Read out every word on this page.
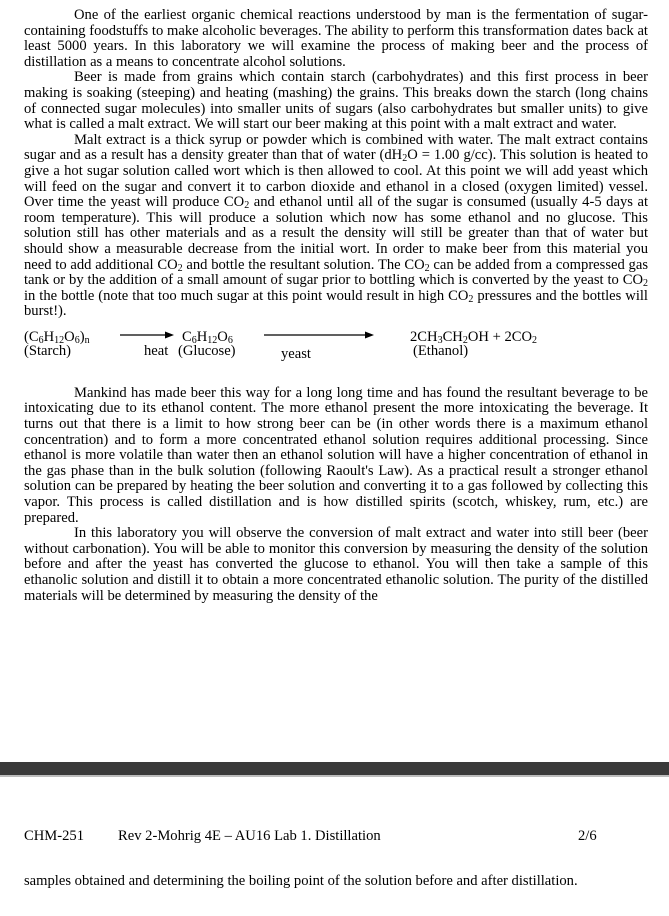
One of the earliest organic chemical reactions understood by man is the fermentation of sugar-containing foodstuffs to make alcoholic beverages. The ability to perform this transformation dates back at least 5000 years. In this laboratory we will examine the process of making beer and the process of distillation as a means to concentrate alcohol solutions.

Beer is made from grains which contain starch (carbohydrates) and this first process in beer making is soaking (steeping) and heating (mashing) the grains. This breaks down the starch (long chains of connected sugar molecules) into smaller units of sugars (also carbohydrates but smaller units) to give what is called a malt extract. We will start our beer making at this point with a malt extract and water.

Malt extract is a thick syrup or powder which is combined with water. The malt extract contains sugar and as a result has a density greater than that of water ($dH_2O = 1.00$ g/cc). This solution is heated to give a hot sugar solution called wort which is then allowed to cool. At this point we will add yeast which will feed on the sugar and convert it to carbon dioxide and ethanol in a closed (oxygen limited) vessel. Over time the yeast will produce $CO_2$ and ethanol until all of the sugar is consumed (usually 4-5 days at room temperature). This will produce a solution which now has some ethanol and no glucose. This solution still has other materials and as a result the density will still be greater than that of water but should show a measurable decrease from the initial wort. In order to make beer from this material you need to add additional $CO_2$ and bottle the resultant solution. The $CO_2$ can be added from a compressed gas tank or by the addition of a small amount of sugar prior to bottling which is converted by the yeast to $CO_2$ in the bottle (note that too much sugar at this point would result in high $CO_2$ pressures and the bottles will burst!).

$(C_6H_{12}O_6)_n$
(Starch)	heat
$C_6H_{12}O_6$
(Glucose)	yeast
$2CH_3CH_2OH + 2CO_2$
(Ethanol)

Mankind has made beer this way for a long long time and has found the resultant beverage to be intoxicating due to its ethanol content. The more ethanol present the more intoxicating the beverage. It turns out that there is a limit to how strong beer can be (in other words there is a maximum ethanol concentration) and to form a more concentrated ethanol solution requires additional processing. Since ethanol is more volatile than water then an ethanol solution will have a higher concentration of ethanol in the gas phase than in the bulk solution (following Raoult's Law). As a practical result a stronger ethanol solution can be prepared by heating the beer solution and converting it to a gas followed by collecting this vapor. This process is called distillation and is how distilled spirits (scotch, whiskey, rum, etc.) are prepared.

In this laboratory you will observe the conversion of malt extract and water into still beer (beer without carbonation). You will be able to monitor this conversion by measuring the density of the solution before and after the yeast has converted the glucose to ethanol. You will then take a sample of this ethanolic solution and distill it to obtain a more concentrated ethanolic solution. The purity of the distilled materials will be determined by measuring the density of the

CHM-251 Rev 2-Mohrig 4E – AU16 Lab 1. Distillation	2/6
samples obtained and determining the boiling point of the solution before and after distillation.
